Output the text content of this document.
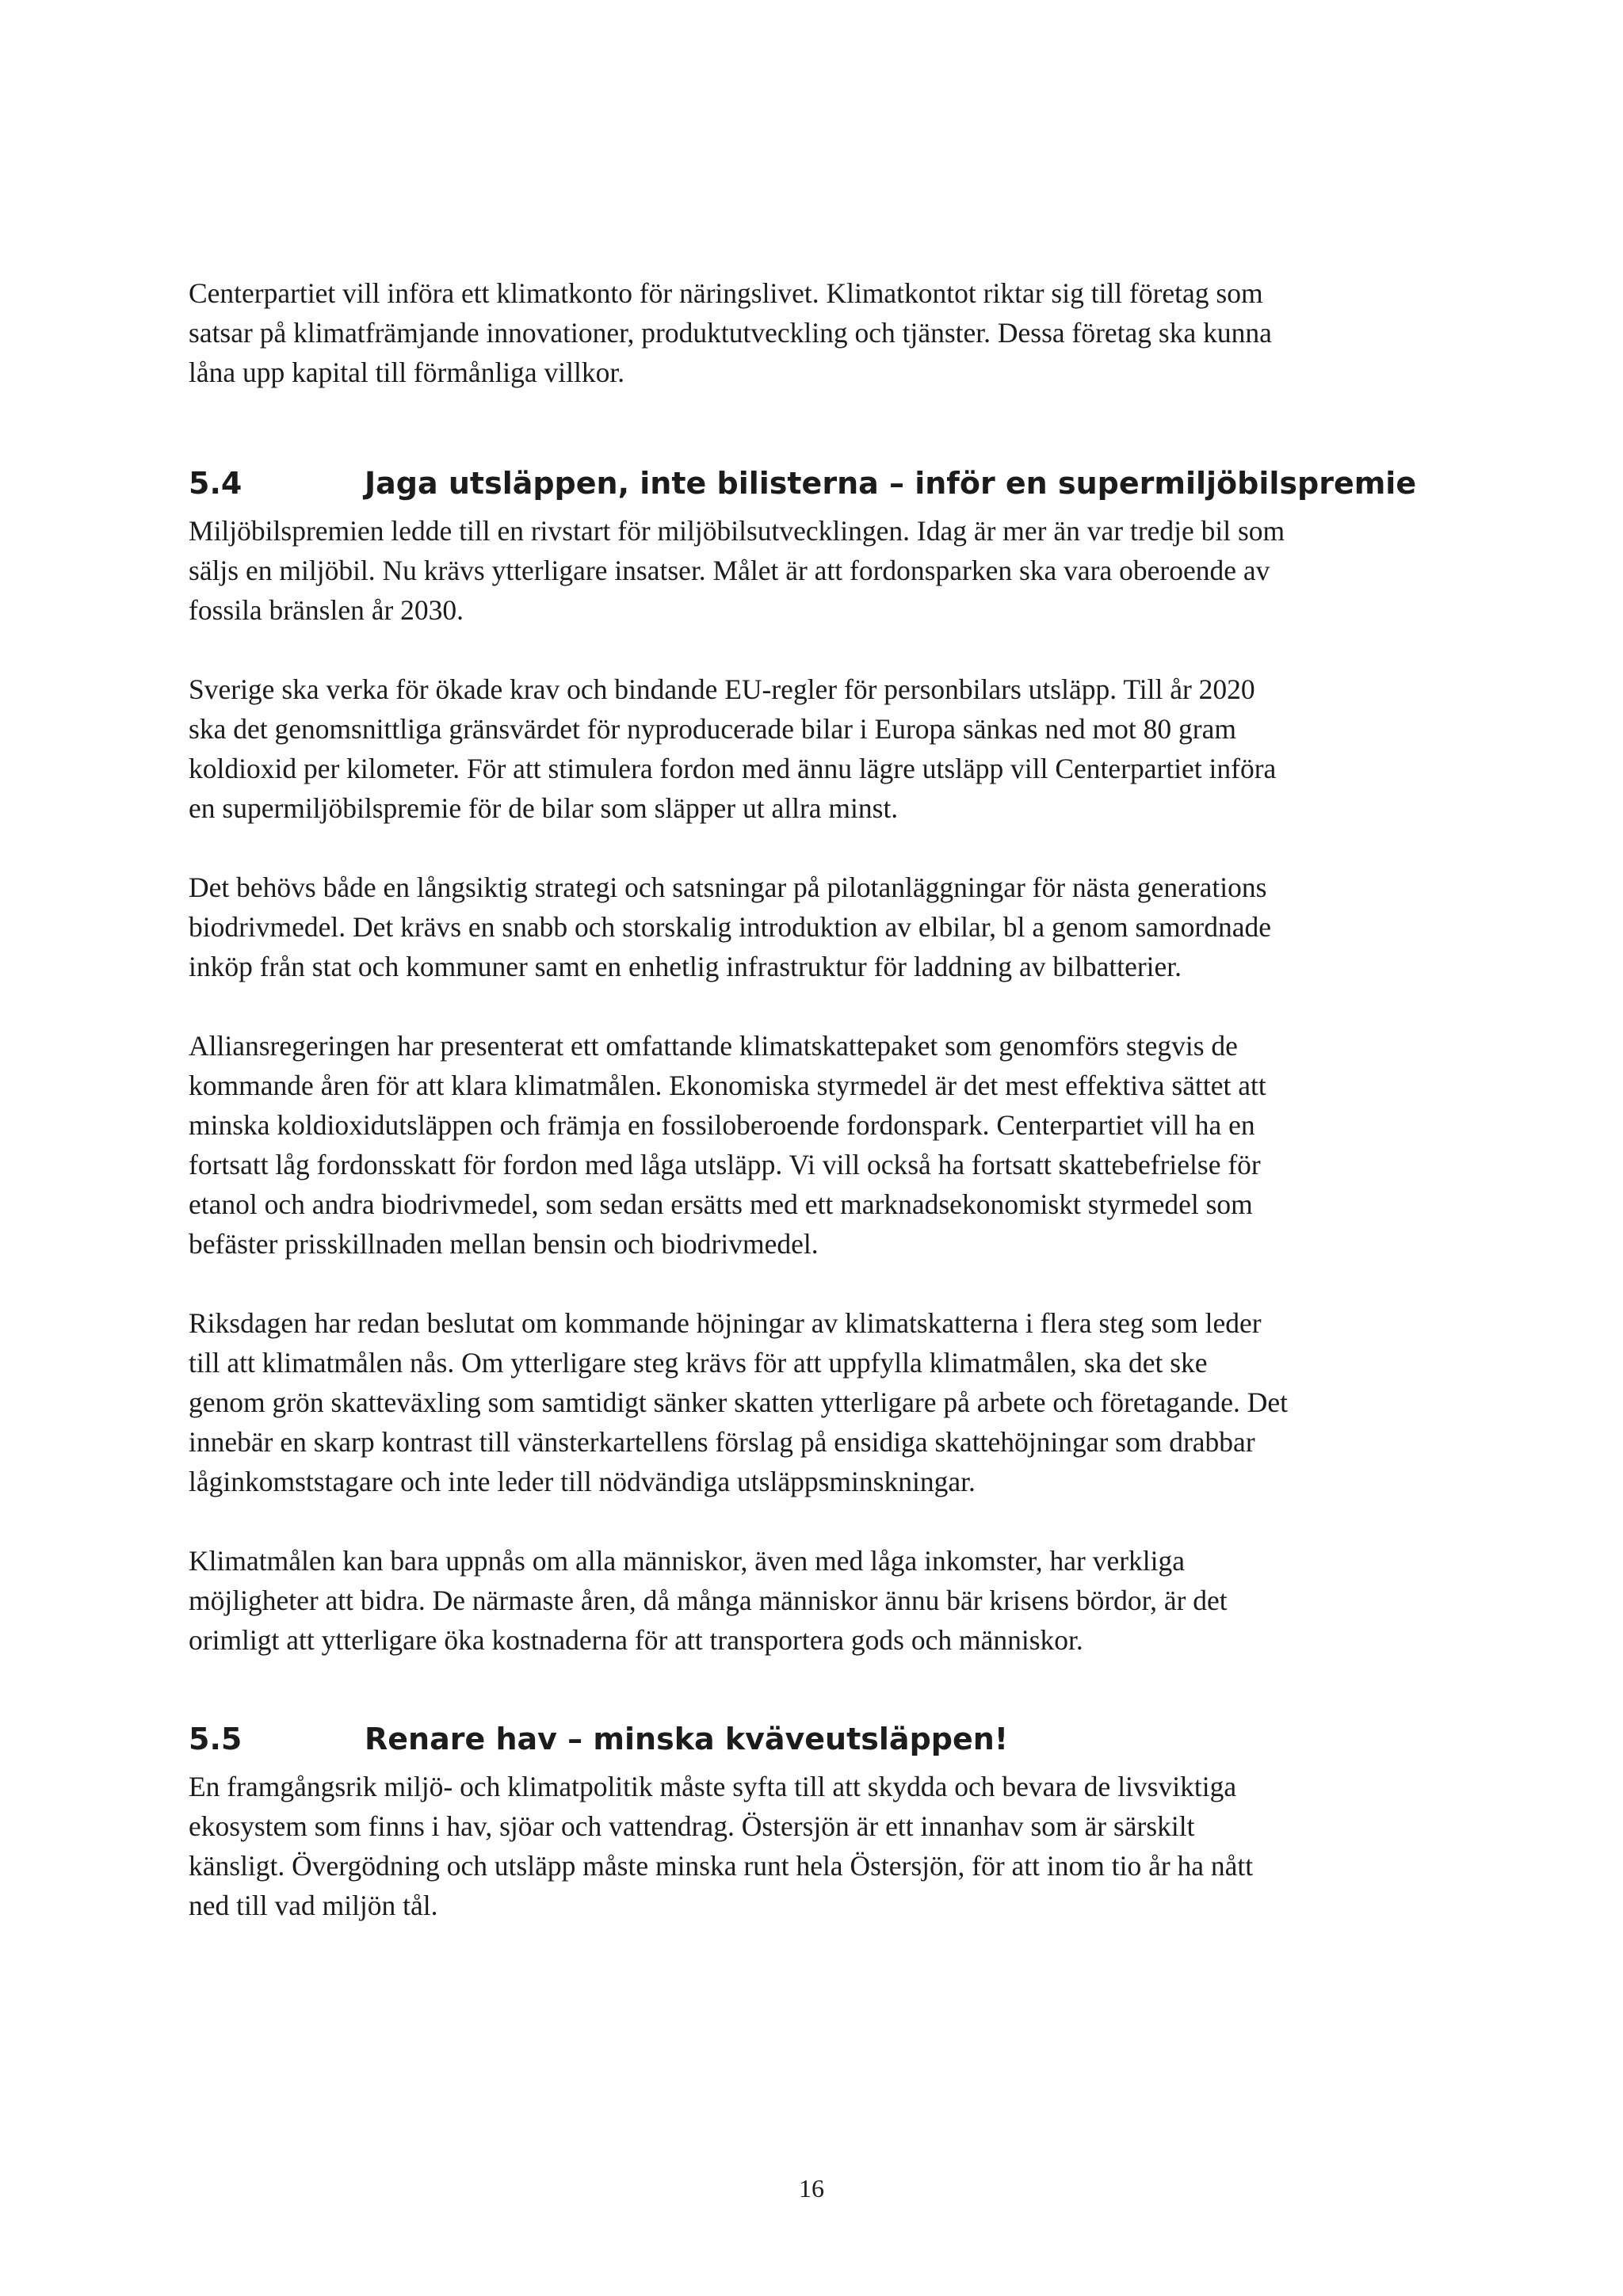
Centerpartiet vill införa ett klimatkonto för näringslivet. Klimatkontot riktar sig till företag som
satsar på klimatfrämjande innovationer, produktutveckling och tjänster. Dessa företag ska kunna
låna upp kapital till förmånliga villkor.
5.4	Jaga utsläppen, inte bilisterna – inför en supermiljöbilspremie
Miljöbilspremien ledde till en rivstart för miljöbilsutvecklingen. Idag är mer än var tredje bil som
säljs en miljöbil. Nu krävs ytterligare insatser. Målet är att fordonsparken ska vara oberoende av
fossila bränslen år 2030.
Sverige ska verka för ökade krav och bindande EU-regler för personbilars utsläpp. Till år 2020
ska det genomsnittliga gränsvärdet för nyproducerade bilar i Europa sänkas ned mot 80 gram
koldioxid per kilometer. För att stimulera fordon med ännu lägre utsläpp vill Centerpartiet införa
en supermiljöbilspremie för de bilar som släpper ut allra minst.
Det behövs både en långsiktig strategi och satsningar på pilotanläggningar för nästa generations
biodrivmedel. Det krävs en snabb och storskalig introduktion av elbilar, bl a genom samordnade
inköp från stat och kommuner samt en enhetlig infrastruktur för laddning av bilbatterier.
Alliansregeringen har presenterat ett omfattande klimatskattepaket som genomförs stegvis de
kommande åren för att klara klimatmålen. Ekonomiska styrmedel är det mest effektiva sättet att
minska koldioxidutsläppen och främja en fossiloberoende fordonspark. Centerpartiet vill ha en
fortsatt låg fordonsskatt för fordon med låga utsläpp. Vi vill också ha fortsatt skattebefrielse för
etanol och andra biodrivmedel, som sedan ersätts med ett marknadsekonomiskt styrmedel som
befäster prisskillnaden mellan bensin och biodrivmedel.
Riksdagen har redan beslutat om kommande höjningar av klimatskatterna i flera steg som leder
till att klimatmålen nås. Om ytterligare steg krävs för att uppfylla klimatmålen, ska det ske
genom grön skatteväxling som samtidigt sänker skatten ytterligare på arbete och företagande. Det
innebär en skarp kontrast till vänsterkartellens förslag på ensidiga skattehöjningar som drabbar
låginkomststagare och inte leder till nödvändiga utsläppsminskningar.
Klimatmålen kan bara uppnås om alla människor, även med låga inkomster, har verkliga
möjligheter att bidra. De närmaste åren, då många människor ännu bär krisens bördor, är det
orimligt att ytterligare öka kostnaderna för att transportera gods och människor.
5.5	Renare hav – minska kväveutsläppen!
En framgångsrik miljö- och klimatpolitik måste syfta till att skydda och bevara de livsviktiga
ekosystem som finns i hav, sjöar och vattendrag. Östersjön är ett innanhav som är särskilt
känsligt. Övergödning och utsläpp måste minska runt hela Östersjön, för att inom tio år ha nått
ned till vad miljön tål.
16
